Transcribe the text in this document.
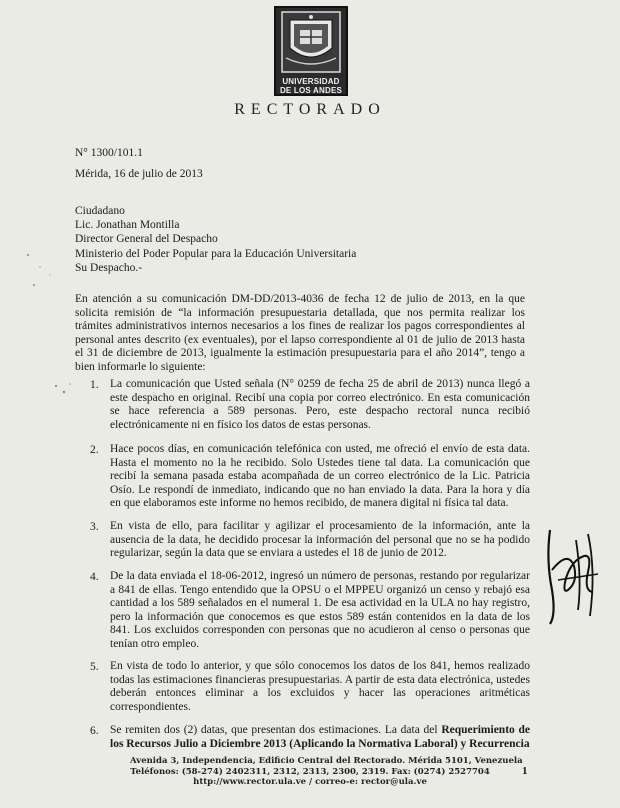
UNIVERSIDAD
DE LOS ANDES
RECTORADO
N° 1300/101.1
Mérida, 16 de julio de 2013
Ciudadano
Lic. Jonathan Montilla
Director General del Despacho
Ministerio del Poder Popular para la Educación Universitaria
Su Despacho.-
En atención a su comunicación DM-DD/2013-4036 de fecha 12 de julio de 2013, en la que solicita remisión de “la información presupuestaria detallada, que nos permita realizar los trámites administrativos internos necesarios a los fines de realizar los pagos correspondientes al personal antes descrito (ex eventuales), por el lapso correspondiente al 01 de julio de 2013 hasta el 31 de diciembre de 2013, igualmente la estimación presupuestaria para el año 2014”, tengo a bien informarle lo siguiente:
1. La comunicación que Usted señala (N° 0259 de fecha 25 de abril de 2013) nunca llegó a este despacho en original. Recibí una copia por correo electrónico. En esta comunicación se hace referencia a 589 personas. Pero, este despacho rectoral nunca recibió electrónicamente ni en físico los datos de estas personas.
2. Hace pocos días, en comunicación telefónica con usted, me ofreció el envío de esta data. Hasta el momento no la he recibido. Solo Ustedes tiene tal data. La comunicación que recibí la semana pasada estaba acompañada de un correo electrónico de la Lic. Patricia Osío. Le respondí de inmediato, indicando que no han enviado la data. Para la hora y día en que elaboramos este informe no hemos recibido, de manera digital ni física tal data.
3. En vista de ello, para facilitar y agilizar el procesamiento de la información, ante la ausencia de la data, he decidido procesar la información del personal que no se ha podido regularizar, según la data que se enviara a ustedes el 18 de junio de 2012.
4. De la data enviada el 18-06-2012, ingresó un número de personas, restando por regularizar a 841 de ellas. Tengo entendido que la OPSU o el MPPEU organizó un censo y rebajó esa cantidad a los 589 señalados en el numeral 1. De esa actividad en la ULA no hay registro, pero la información que conocemos es que estos 589 están contenidos en la data de los 841. Los excluidos corresponden con personas que no acudieron al censo o personas que tenían otro empleo.
5. En vista de todo lo anterior, y que sólo conocemos los datos de los 841, hemos realizado todas las estimaciones financieras presupuestarias. A partir de esta data electrónica, ustedes deberán entonces eliminar a los excluidos y hacer las operaciones aritméticas correspondientes.
6. Se remiten dos (2) datas, que presentan dos estimaciones. La data del Requerimiento de los Recursos Julio a Diciembre 2013 (Aplicando la Normativa Laboral) y Recurrencia
Avenida 3, Independencia, Edificio Central del Rectorado. Mérida 5101, Venezuela
Teléfonos: (58-274) 2402311, 2312, 2313, 2300, 2319. Fax: (0274) 2527704
http://www.rector.ula.ve / correo-e: rector@ula.ve
1
